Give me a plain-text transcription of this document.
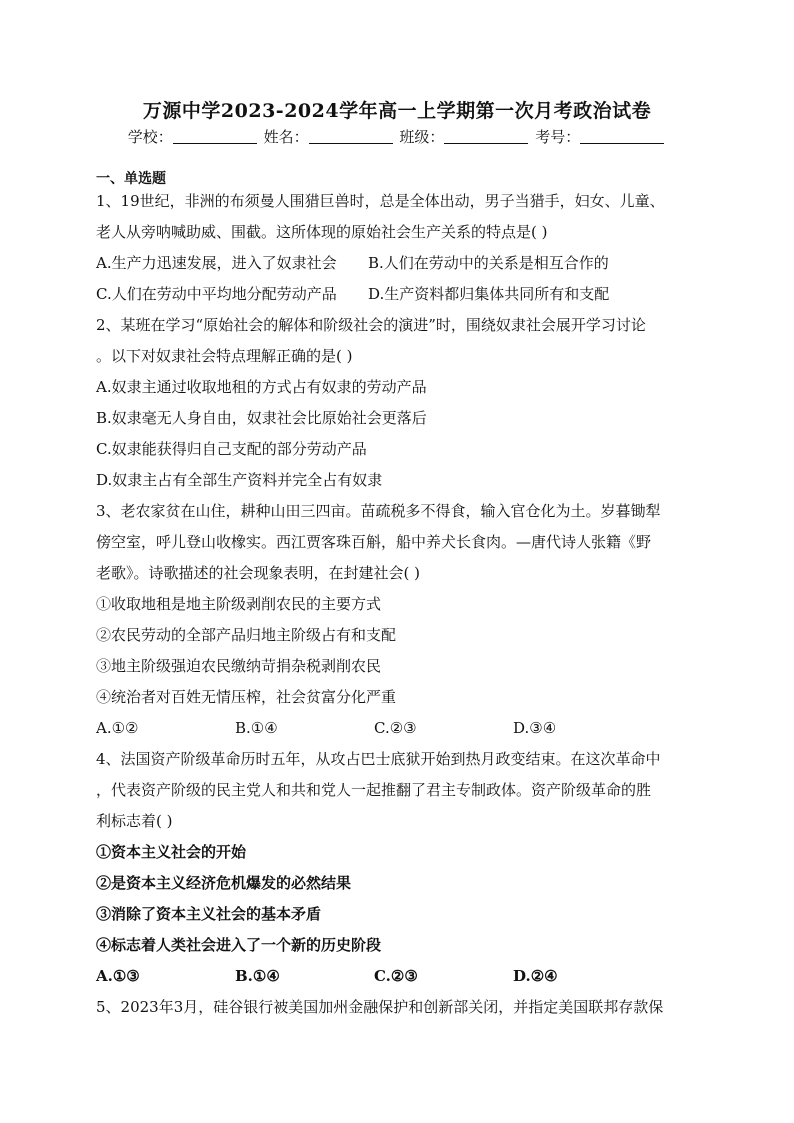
万源中学2023-2024学年高一上学期第一次月考政治试卷
学校：	姓名：	班级：	考号：
一、单选题
1、19世纪，非洲的布须曼人围猎巨兽时，总是全体出动，男子当猎手，妇女、儿童、
老人从旁呐喊助威、围截。这所体现的原始社会生产关系的特点是( )
A.生产力迅速发展，进入了奴隶社会	B.人们在劳动中的关系是相互合作的
C.人们在劳动中平均地分配劳动产品	D.生产资料都归集体共同所有和支配
2、某班在学习“原始社会的解体和阶级社会的演进”时，围绕奴隶社会展开学习讨论
。以下对奴隶社会特点理解正确的是( )
A.奴隶主通过收取地租的方式占有奴隶的劳动产品
B.奴隶毫无人身自由，奴隶社会比原始社会更落后
C.奴隶能获得归自己支配的部分劳动产品
D.奴隶主占有全部生产资料并完全占有奴隶
3、老农家贫在山住，耕种山田三四亩。苗疏税多不得食，输入官仓化为土。岁暮锄犁
傍空室，呼儿登山收橡实。西江贾客珠百斛，船中养犬长食肉。—唐代诗人张籍《野
老歌》。诗歌描述的社会现象表明，在封建社会( )
①收取地租是地主阶级剥削农民的主要方式
②农民劳动的全部产品归地主阶级占有和支配
③地主阶级强迫农民缴纳苛捐杂税剥削农民
④统治者对百姓无情压榨，社会贫富分化严重
A.①②	B.①④	C.②③	D.③④
4、法国资产阶级革命历时五年，从攻占巴士底狱开始到热月政变结束。在这次革命中
，代表资产阶级的民主党人和共和党人一起推翻了君主专制政体。资产阶级革命的胜
利标志着( )
①资本主义社会的开始
②是资本主义经济危机爆发的必然结果
③消除了资本主义社会的基本矛盾
④标志着人类社会进入了一个新的历史阶段
A.①③	B.①④	C.②③	D.②④
5、2023年3月，硅谷银行被美国加州金融保护和创新部关闭，并指定美国联邦存款保
